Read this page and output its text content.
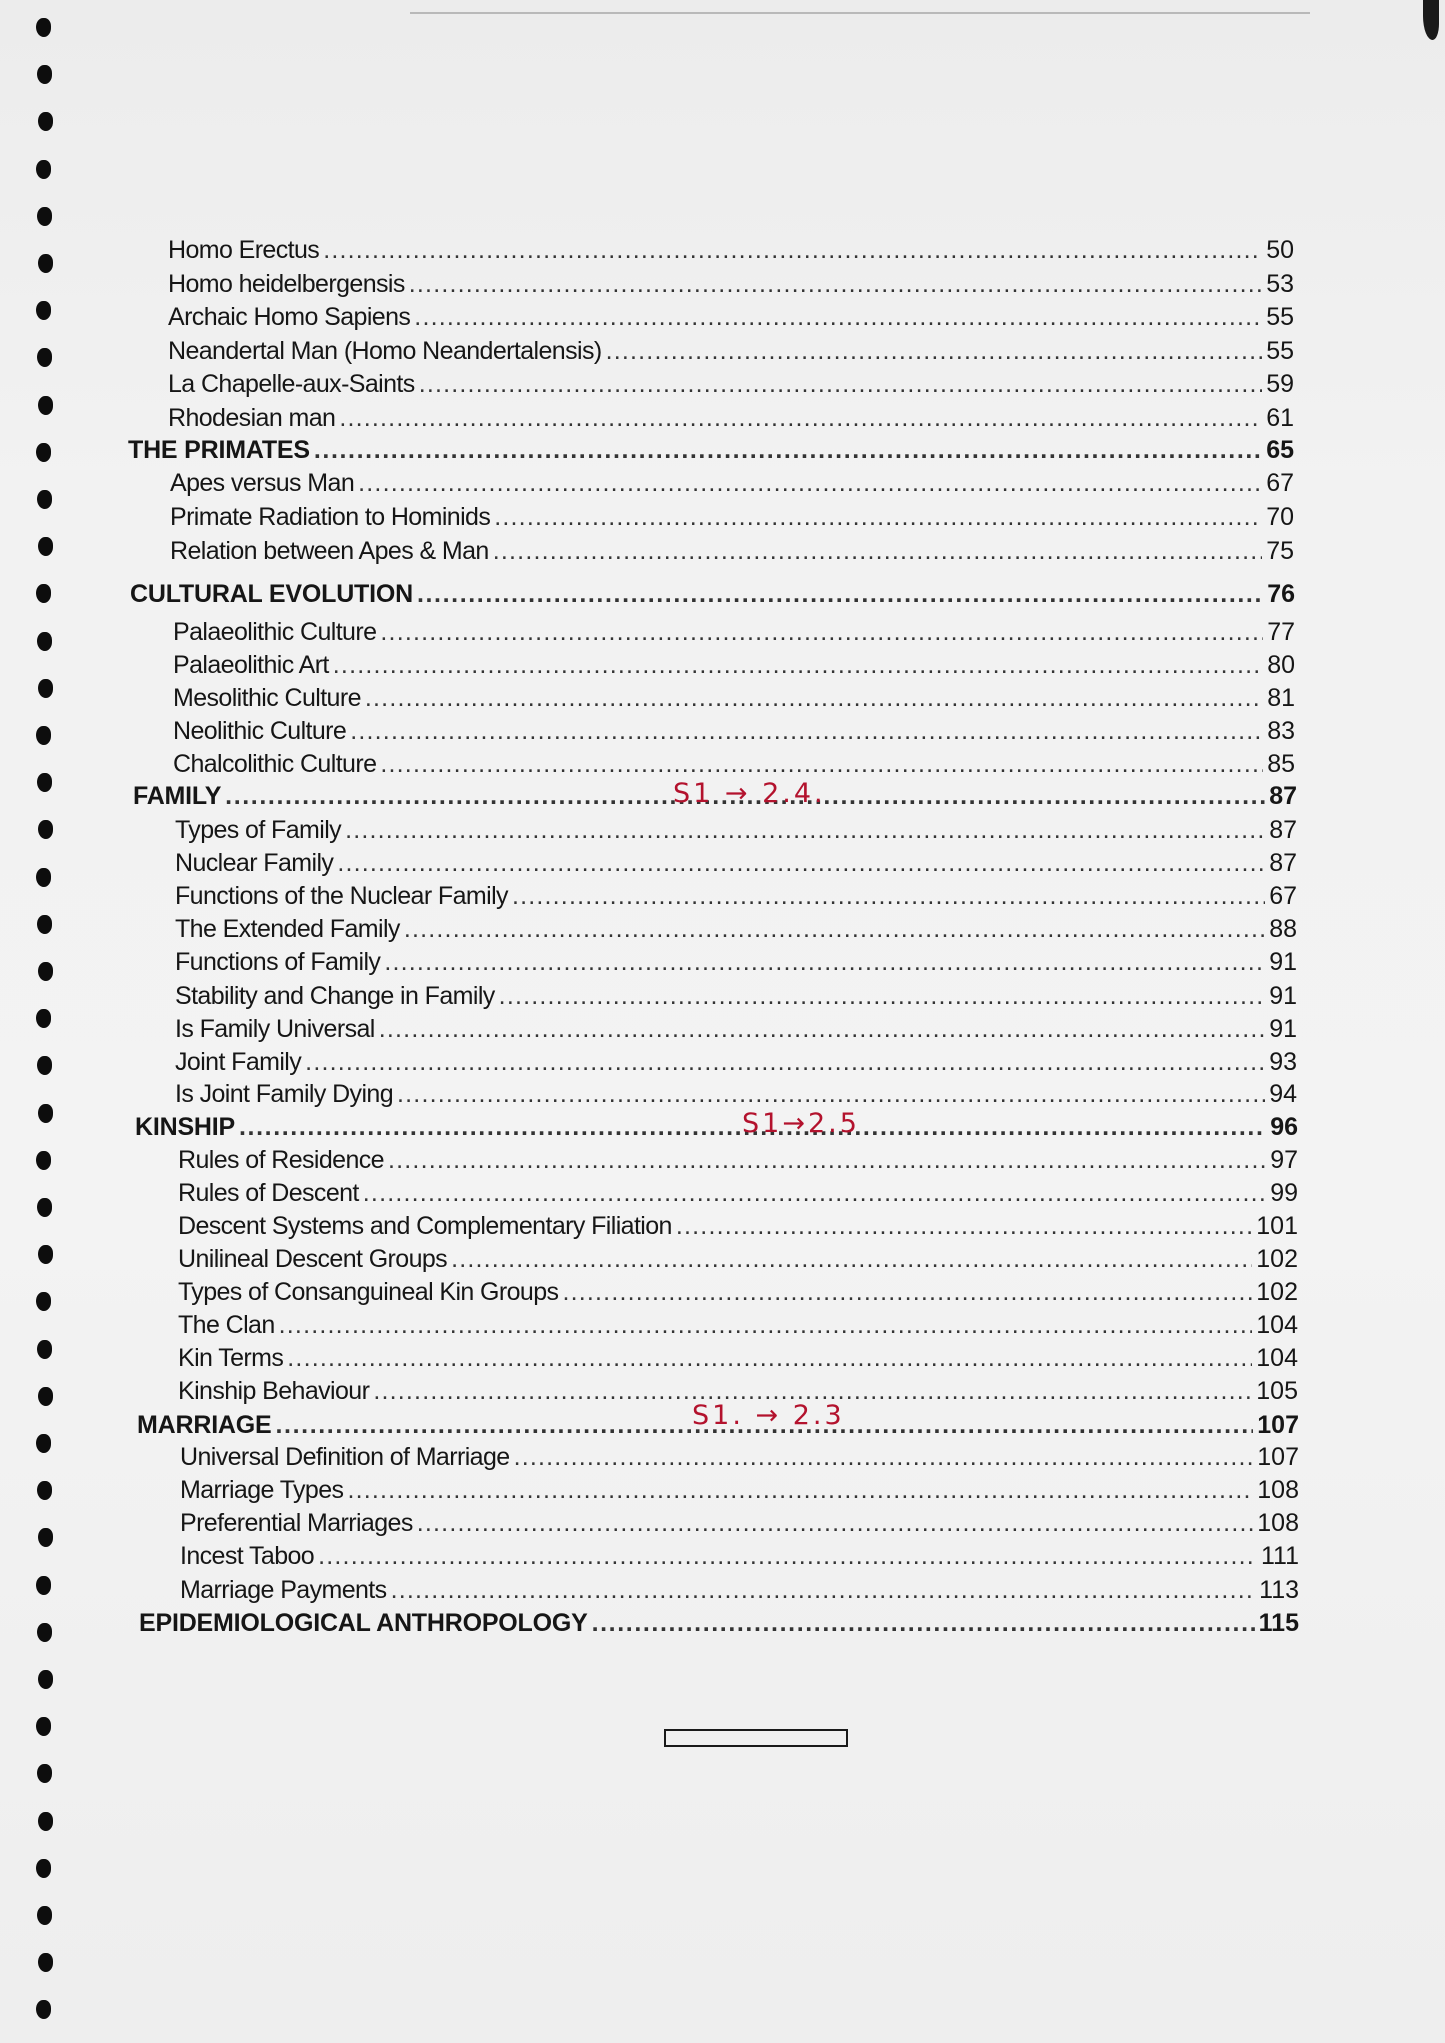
Homo Erectus .....	50
Homo heidelbergensis .....	53
Archaic Homo Sapiens .....	55
Neandertal Man (Homo Neandertalensis) .....	55
La Chapelle-aux-Saints .....	59
Rhodesian man .....	61
THE PRIMATES .....	65
Apes versus Man .....	67
Primate Radiation to Hominids .....	70
Relation between Apes & Man .....	75
CULTURAL EVOLUTION .....	76
Palaeolithic Culture .....	77
Palaeolithic Art .....	80
Mesolithic Culture .....	81
Neolithic Culture .....	83
Chalcolithic Culture .....	85
FAMILY .....	87
Types of Family .....	87
Nuclear Family .....	87
Functions of the Nuclear Family .....	67
The Extended Family .....	88
Functions of Family .....	91
Stability and Change in Family .....	91
Is Family Universal .....	91
Joint Family .....	93
Is Joint Family Dying .....	94
KINSHIP .....	96
Rules of Residence .....	97
Rules of Descent .....	99
Descent Systems and Complementary Filiation .....	101
Unilineal Descent Groups .....	102
Types of Consanguineal Kin Groups .....	102
The Clan .....	104
Kin Terms .....	104
Kinship Behaviour .....	105
MARRIAGE .....	107
Universal Definition of Marriage .....	107
Marriage Types .....	108
Preferential Marriages .....	108
Incest Taboo .....	111
Marriage Payments .....	113
EPIDEMIOLOGICAL ANTHROPOLOGY .....	115
S1 → 2.4.
S1→2.5
S1. → 2.3
